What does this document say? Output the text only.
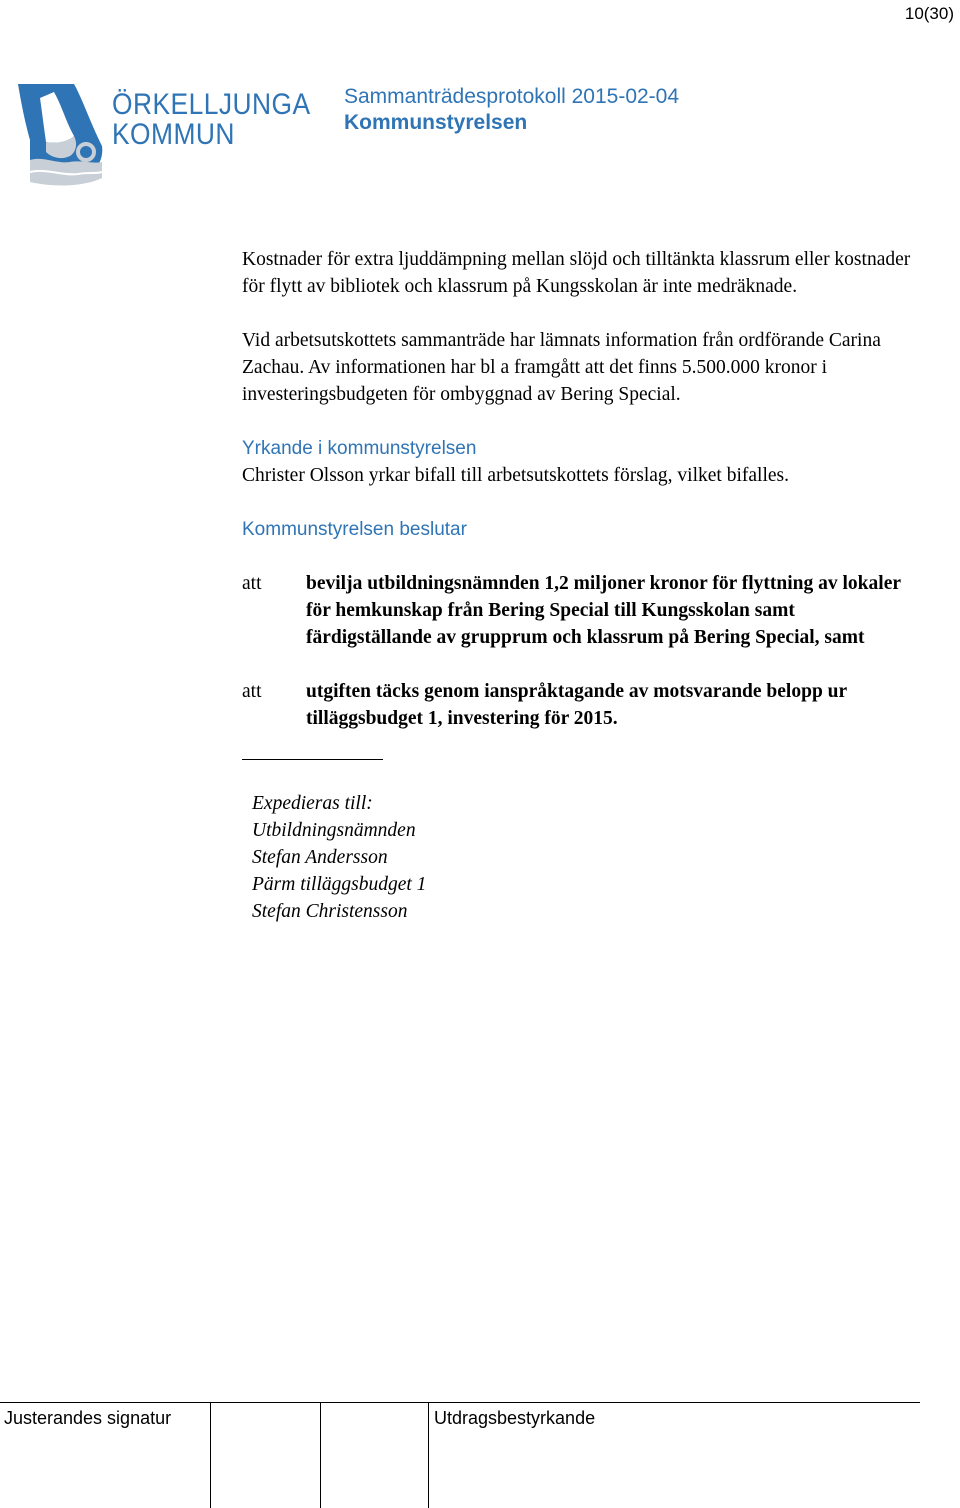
10(30)
ÖRKELLJUNGA
KOMMUN
Sammanträdesprotokoll 2015-02-04
Kommunstyrelsen

Kostnader för extra ljuddämpning mellan slöjd och tilltänkta klassrum eller kostnader för flytt av bibliotek och klassrum på Kungsskolan är inte medräknade.

Vid arbetsutskottets sammanträde har lämnats information från ordförande Carina Zachau. Av informationen har bl a framgått att det finns 5.500.000 kronor i investeringsbudgeten för ombyggnad av Bering Special.

Yrkande i kommunstyrelsen
Christer Olsson yrkar bifall till arbetsutskottets förslag, vilket bifalles.
Kommunstyrelsen beslutar
att	bevilja utbildningsnämnden 1,2 miljoner kronor för flyttning av lokaler för hemkunskap från Bering Special till Kungsskolan samt färdigställande av grupprum och klassrum på Bering Special, samt
att	utgiften täcks genom ianspråktagande av motsvarande belopp ur tilläggsbudget 1, investering för 2015.
Expedieras till:
Utbildningsnämnden
Stefan Andersson
Pärm tilläggsbudget 1
Stefan Christensson
Justerandes signatur	Utdragsbestyrkande
